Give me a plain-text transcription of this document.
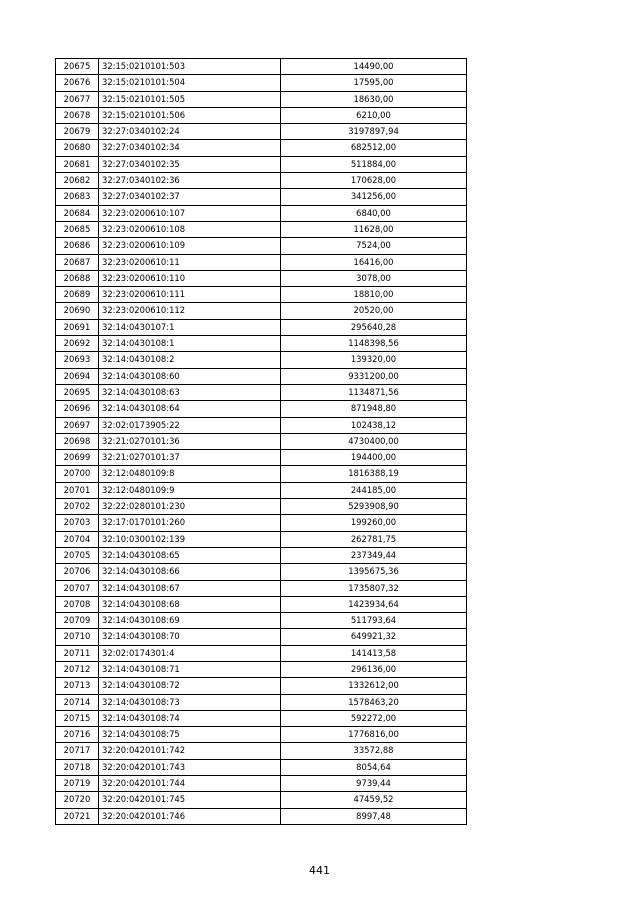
20675	32:15:0210101:503	14490,00
20676	32:15:0210101:504	17595,00
20677	32:15:0210101:505	18630,00
20678	32:15:0210101:506	6210,00
20679	32:27:0340102:24	3197897,94
20680	32:27:0340102:34	682512,00
20681	32:27:0340102:35	511884,00
20682	32:27:0340102:36	170628,00
20683	32:27:0340102:37	341256,00
20684	32:23:0200610:107	6840,00
20685	32:23:0200610:108	11628,00
20686	32:23:0200610:109	7524,00
20687	32:23:0200610:11	16416,00
20688	32:23:0200610:110	3078,00
20689	32:23:0200610:111	18810,00
20690	32:23:0200610:112	20520,00
20691	32:14:0430107:1	295640,28
20692	32:14:0430108:1	1148398,56
20693	32:14:0430108:2	139320,00
20694	32:14:0430108:60	9331200,00
20695	32:14:0430108:63	1134871,56
20696	32:14:0430108:64	871948,80
20697	32:02:0173905:22	102438,12
20698	32:21:0270101:36	4730400,00
20699	32:21:0270101:37	194400,00
20700	32:12:0480109:8	1816388,19
20701	32:12:0480109:9	244185,00
20702	32:22:0280101:230	5293908,90
20703	32:17:0170101:260	199260,00
20704	32:10:0300102:139	262781,75
20705	32:14:0430108:65	237349,44
20706	32:14:0430108:66	1395675,36
20707	32:14:0430108:67	1735807,32
20708	32:14:0430108:68	1423934,64
20709	32:14:0430108:69	511793,64
20710	32:14:0430108:70	649921,32
20711	32:02:0174301:4	141413,58
20712	32:14:0430108:71	296136,00
20713	32:14:0430108:72	1332612,00
20714	32:14:0430108:73	1578463,20
20715	32:14:0430108:74	592272,00
20716	32:14:0430108:75	1776816,00
20717	32:20:0420101:742	33572,88
20718	32:20:0420101:743	8054,64
20719	32:20:0420101:744	9739,44
20720	32:20:0420101:745	47459,52
20721	32:20:0420101:746	8997,48
441
